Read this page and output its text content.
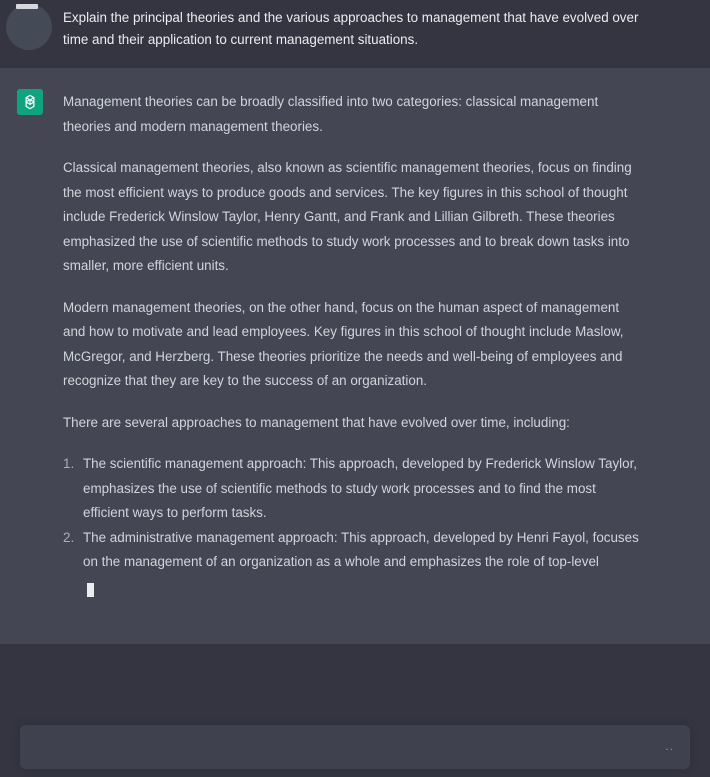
Explain the principal theories and the various approaches to management that have evolved over time and their application to current management situations.

Management theories can be broadly classified into two categories: classical management theories and modern management theories.

Classical management theories, also known as scientific management theories, focus on finding the most efficient ways to produce goods and services. The key figures in this school of thought include Frederick Winslow Taylor, Henry Gantt, and Frank and Lillian Gilbreth. These theories emphasized the use of scientific methods to study work processes and to break down tasks into smaller, more efficient units.

Modern management theories, on the other hand, focus on the human aspect of management and how to motivate and lead employees. Key figures in this school of thought include Maslow, McGregor, and Herzberg. These theories prioritize the needs and well-being of employees and recognize that they are key to the success of an organization.

There are several approaches to management that have evolved over time, including:

1. The scientific management approach: This approach, developed by Frederick Winslow Taylor, emphasizes the use of scientific methods to study work processes and to find the most efficient ways to perform tasks.
2. The administrative management approach: This approach, developed by Henri Fayol, focuses on the management of an organization as a whole and emphasizes the role of top-level
..
